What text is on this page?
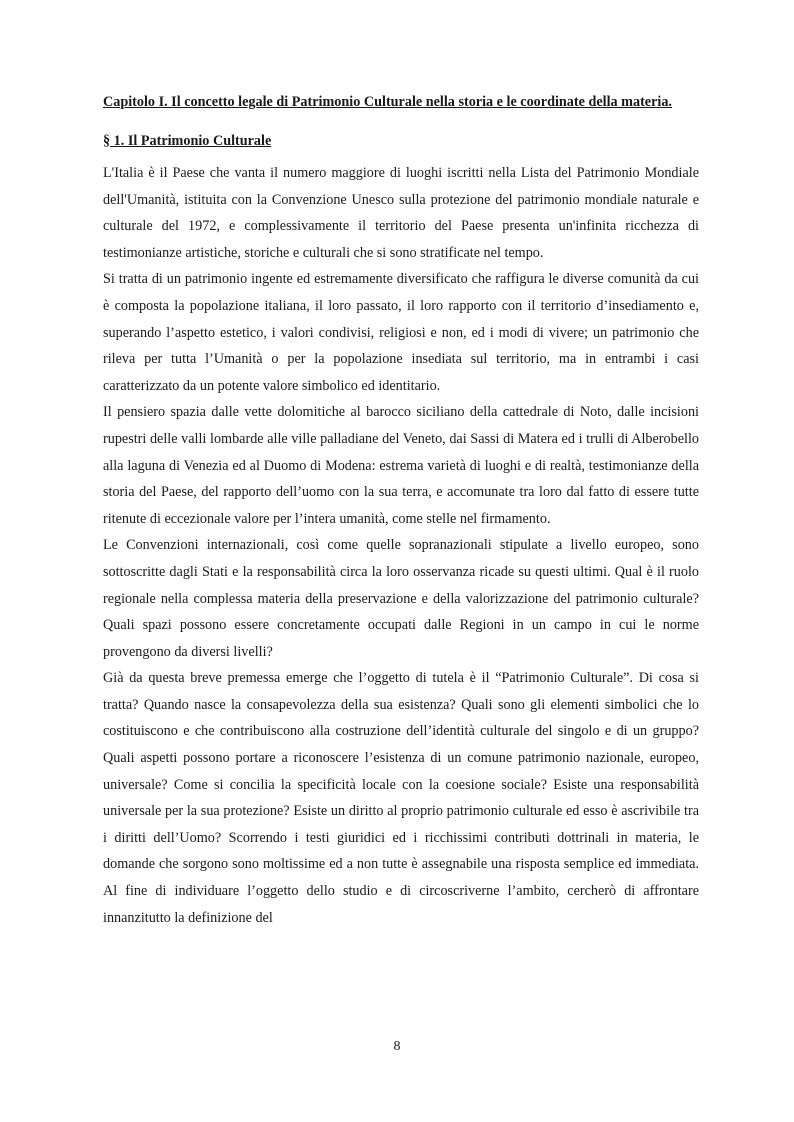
Capitolo I. Il concetto legale di Patrimonio Culturale nella storia e le coordinate della materia.

§ 1. Il Patrimonio Culturale

L'Italia è il Paese che vanta il numero maggiore di luoghi iscritti nella Lista del Patrimonio Mondiale dell'Umanità, istituita con la Convenzione Unesco sulla protezione del patrimonio mondiale naturale e culturale del 1972, e complessivamente il territorio del Paese presenta un'infinita ricchezza di testimonianze artistiche, storiche e culturali che si sono stratificate nel tempo.

Si tratta di un patrimonio ingente ed estremamente diversificato che raffigura le diverse comunità da cui è composta la popolazione italiana, il loro passato, il loro rapporto con il territorio d’insediamento e, superando l’aspetto estetico, i valori condivisi, religiosi e non, ed i modi di vivere; un patrimonio che rileva per tutta l’Umanità o per la popolazione insediata sul territorio, ma in entrambi i casi caratterizzato da un potente valore simbolico ed identitario.

Il pensiero spazia dalle vette dolomitiche al barocco siciliano della cattedrale di Noto, dalle incisioni rupestri delle valli lombarde alle ville palladiane del Veneto, dai Sassi di Matera ed i trulli di Alberobello alla laguna di Venezia ed al Duomo di Modena: estrema varietà di luoghi e di realtà, testimonianze della storia del Paese, del rapporto dell’uomo con la sua terra, e accomunate tra loro dal fatto di essere tutte ritenute di eccezionale valore per l’intera umanità, come stelle nel firmamento.

Le Convenzioni internazionali, così come quelle sopranazionali stipulate a livello europeo, sono sottoscritte dagli Stati e la responsabilità circa la loro osservanza ricade su questi ultimi. Qual è il ruolo regionale nella complessa materia della preservazione e della valorizzazione del patrimonio culturale? Quali spazi possono essere concretamente occupati dalle Regioni in un campo in cui le norme provengono da diversi livelli?

Già da questa breve premessa emerge che l’oggetto di tutela è il “Patrimonio Culturale”. Di cosa si tratta? Quando nasce la consapevolezza della sua esistenza? Quali sono gli elementi simbolici che lo costituiscono e che contribuiscono alla costruzione dell’identità culturale del singolo e di un gruppo? Quali aspetti possono portare a riconoscere l’esistenza di un comune patrimonio nazionale, europeo, universale? Come si concilia la specificità locale con la coesione sociale? Esiste una responsabilità universale per la sua protezione? Esiste un diritto al proprio patrimonio culturale ed esso è ascrivibile tra i diritti dell’Uomo? Scorrendo i testi giuridici ed i ricchissimi contributi dottrinali in materia, le domande che sorgono sono moltissime ed a non tutte è assegnabile una risposta semplice ed immediata. Al fine di individuare l’oggetto dello studio e di circoscriverne l’ambito, cercherò di affrontare innanzitutto la definizione del

8
